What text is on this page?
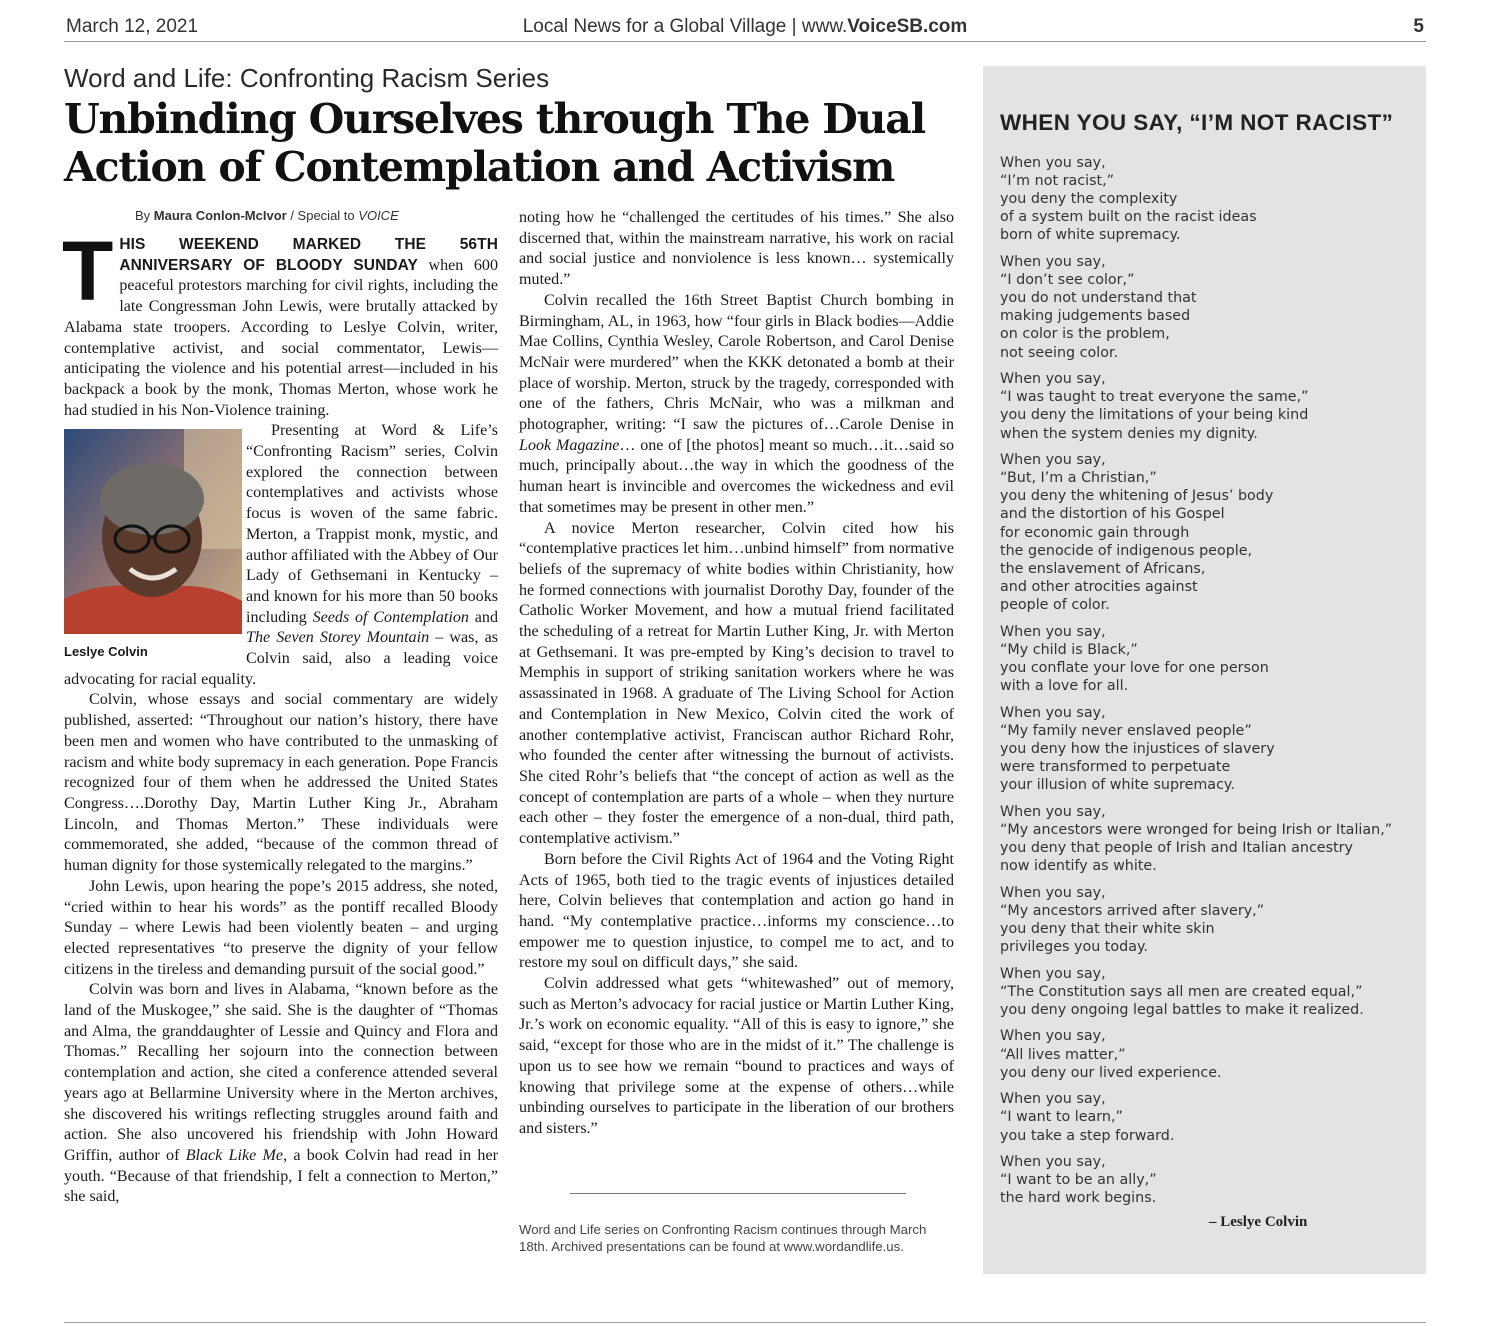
March 12, 2021	Local News for a Global Village | www.VoiceSB.com	5
Word and Life: Confronting Racism Series
Unbinding Ourselves through The Dual Action of Contemplation and Activism
By Maura Conlon-McIvor / Special to VOICE

THIS WEEKEND MARKED THE 56TH ANNIVERSARY OF BLOODY SUNDAY when 600 peaceful protestors marching for civil rights, including the late Congressman John Lewis, were brutally attacked by Alabama state troopers. According to Leslye Colvin, writer, contemplative activist, and social commentator, Lewis—anticipating the violence and his potential arrest—included in his backpack a book by the monk, Thomas Merton, whose work he had studied in his Non-Violence training.

Leslye Colvin

Presenting at Word & Life’s “Confronting Racism” series, Colvin explored the connection between contemplatives and activists whose focus is woven of the same fabric. Merton, a Trappist monk, mystic, and author affiliated with the Abbey of Our Lady of Gethsemani in Kentucky – and known for his more than 50 books including Seeds of Contemplation and The Seven Storey Mountain – was, as Colvin said, also a leading voice advocating for racial equality.

Colvin, whose essays and social commentary are widely published, asserted: “Throughout our nation’s history, there have been men and women who have contributed to the unmasking of racism and white body supremacy in each generation. Pope Francis recognized four of them when he addressed the United States Congress….Dorothy Day, Martin Luther King Jr., Abraham Lincoln, and Thomas Merton.” These individuals were commemorated, she added, “because of the common thread of human dignity for those systemically relegated to the margins.”

John Lewis, upon hearing the pope’s 2015 address, she noted, “cried within to hear his words” as the pontiff recalled Bloody Sunday – where Lewis had been violently beaten – and urging elected representatives “to preserve the dignity of your fellow citizens in the tireless and demanding pursuit of the social good.”

Colvin was born and lives in Alabama, “known before as the land of the Muskogee,” she said. She is the daughter of “Thomas and Alma, the granddaughter of Lessie and Quincy and Flora and Thomas.” Recalling her sojourn into the connection between contemplation and action, she cited a conference attended several years ago at Bellarmine University where in the Merton archives, she discovered his writings reflecting struggles around faith and action. She also uncovered his friendship with John Howard Griffin, author of Black Like Me, a book Colvin had read in her youth. “Because of that friendship, I felt a connection to Merton,” she said,

noting how he “challenged the certitudes of his times.” She also discerned that, within the mainstream narrative, his work on racial and social justice and nonviolence is less known… systemically muted.”

Colvin recalled the 16th Street Baptist Church bombing in Birmingham, AL, in 1963, how “four girls in Black bodies—Addie Mae Collins, Cynthia Wesley, Carole Robertson, and Carol Denise McNair were murdered” when the KKK detonated a bomb at their place of worship. Merton, struck by the tragedy, corresponded with one of the fathers, Chris McNair, who was a milkman and photographer, writing: “I saw the pictures of…Carole Denise in Look Magazine… one of [the photos] meant so much…it…said so much, principally about…the way in which the goodness of the human heart is invincible and overcomes the wickedness and evil that sometimes may be present in other men.”

A novice Merton researcher, Colvin cited how his “contemplative practices let him…unbind himself” from normative beliefs of the supremacy of white bodies within Christianity, how he formed connections with journalist Dorothy Day, founder of the Catholic Worker Movement, and how a mutual friend facilitated the scheduling of a retreat for Martin Luther King, Jr. with Merton at Gethsemani. It was pre-empted by King’s decision to travel to Memphis in support of striking sanitation workers where he was assassinated in 1968. A graduate of The Living School for Action and Contemplation in New Mexico, Colvin cited the work of another contemplative activist, Franciscan author Richard Rohr, who founded the center after witnessing the burnout of activists. She cited Rohr’s beliefs that “the concept of action as well as the concept of contemplation are parts of a whole – when they nurture each other – they foster the emergence of a non-dual, third path, contemplative activism.”

Born before the Civil Rights Act of 1964 and the Voting Right Acts of 1965, both tied to the tragic events of injustices detailed here, Colvin believes that contemplation and action go hand in hand. “My contemplative practice…informs my conscience…to empower me to question injustice, to compel me to act, and to restore my soul on difficult days,” she said.

Colvin addressed what gets “whitewashed” out of memory, such as Merton’s advocacy for racial justice or Martin Luther King, Jr.’s work on economic equality. “All of this is easy to ignore,” she said, “except for those who are in the midst of it.” The challenge is upon us to see how we remain “bound to practices and ways of knowing that privilege some at the expense of others…while unbinding ourselves to participate in the liberation of our brothers and sisters.”

Word and Life series on Confronting Racism continues through March 18th. Archived presentations can be found at www.wordandlife.us.
WHEN YOU SAY, “I’M NOT RACIST”
When you say,
“I’m not racist,”
you deny the complexity
of a system built on the racist ideas
born of white supremacy.
When you say,
“I don’t see color,”
you do not understand that
making judgements based
on color is the problem,
not seeing color.
When you say,
“I was taught to treat everyone the same,”
you deny the limitations of your being kind
when the system denies my dignity.
When you say,
“But, I’m a Christian,”
you deny the whitening of Jesus’ body
and the distortion of his Gospel
for economic gain through
the genocide of indigenous people,
the enslavement of Africans,
and other atrocities against
people of color.
When you say,
“My child is Black,”
you conflate your love for one person
with a love for all.
When you say,
“My family never enslaved people”
you deny how the injustices of slavery
were transformed to perpetuate
your illusion of white supremacy.
When you say,
“My ancestors were wronged for being Irish or Italian,”
you deny that people of Irish and Italian ancestry
now identify as white.
When you say,
“My ancestors arrived after slavery,”
you deny that their white skin
privileges you today.
When you say,
“The Constitution says all men are created equal,”
you deny ongoing legal battles to make it realized.
When you say,
“All lives matter,”
you deny our lived experience.
When you say,
“I want to learn,”
you take a step forward.
When you say,
“I want to be an ally,”
the hard work begins.
– Leslye Colvin
